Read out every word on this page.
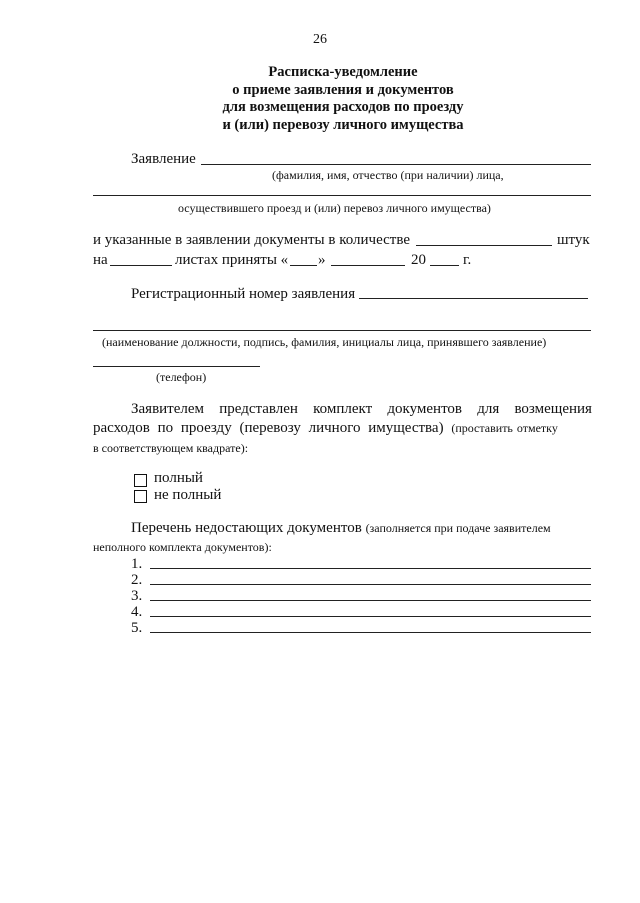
26
Расписка-уведомление
о приеме заявления и документов
для возмещения расходов по проезду
и (или) перевозу личного имущества
Заявление
(фамилия, имя, отчество (при наличии) лица,
осуществившего проезд и (или) перевоз личного имущества)
и указанные в заявлении документы в количестве	штук
на	листах приняты « »	20 г.
Регистрационный номер заявления
(наименование должности, подпись, фамилия, инициалы лица, принявшего заявление)
(телефон)
Заявителем представлен комплект документов для возмещения
расходов по проезду (перевозу личного имущества) (проставить отметку
в соответствующем квадрате):
полный
не полный
Перечень недостающих документов (заполняется при подаче заявителем
неполного комплекта документов):
1.
2.
3.
4.
5.
